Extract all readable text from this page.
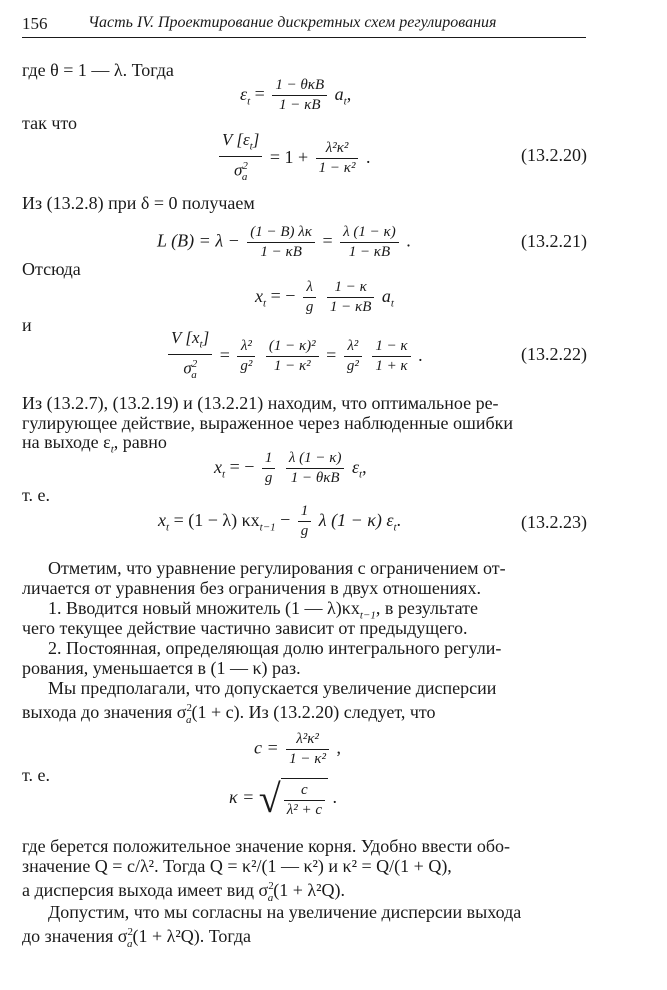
156	Часть IV. Проектирование дискретных схем регулирования
где θ = 1 — λ. Тогда
$\varepsilon_t = \frac{\text{1 − θκB}}{1 - \kappa B} a_t$,
так что
$\frac{V [\varepsilon_t]}{\sigma^2_a} = 1 + \frac{\text{λ²κ²}}{\text{1 − κ²}}$ .	(13.2.20)
Из (13.2.8) при δ = 0 получаем
L $(B) = \lambda - \frac{(1 - B) \lambda\kappa}{1 - \kappa B} = \frac{\lambda (1 - \kappa)}{1 - \kappa B}$ .	(13.2.21)
Отсюда
$x_t$ = − $\frac{\lambda}{g}$
$\frac{1 - \kappa}{1 - \kappa B} a_t$
и
$\frac{V [x_t]}{\sigma^2_a} = \frac{\text{λ²}}{\text{g²}}$
$\frac{\text{(1 − κ)²}}{\text{1 − κ²}} = \frac{\text{λ²}}{\text{g²}}$
$\frac{1 - \kappa}{1 + \kappa}$ .	(13.2.22)
Из (13.2.7), (13.2.19) и (13.2.21) находим, что оптимальное ре-
гулирующее действие, выраженное через наблюденные ошибки
на выходе $\varepsilon_t$, равно
$x_t$ = − $\frac{1}{g}$
$\frac{\lambda (1 - \kappa)}{\text{1 − θκB}} \varepsilon_t$,
т. е.
$x_t = (1 - \lambda) \kappa x_{t-1} - \frac{1}{g}$ λ (1 − κ) $\varepsilon_t$.	(13.2.23)
Отметим, что уравнение регулирования с ограничением от-
личается от уравнения без ограничения в двух отношениях.
1. Вводится новый множитель (1 — $\lambda)\kappa x_{t-1}$, в результате
чего текущее действие частично зависит от предыдущего.
2. Постоянная, определяющая долю интегрального регули-
рования, уменьшается в (1 — κ) раз.
Мы предполагали, что допускается увеличение дисперсии
выхода до значения $\sigma^2_a(1 + c)$. Из (13.2.20) следует, что
$c = \frac{\text{λ²κ²}}{\text{1 − κ²}}$ ,
т. е.
κ = √ $\frac{c}{\text{λ² + c}}$ .
где берется положительное значение корня. Удобно ввести обо-
значение Q = c/λ². Тогда Q = κ²/(1 — κ²) и κ² = Q/(1 + Q),
а дисперсия выхода имеет вид $\sigma^2_a(1 + \lambda^2Q)$.
Допустим, что мы согласны на увеличение дисперсии выхода
до значения $\sigma^2_a(1 + \lambda^2Q)$. Тогда
